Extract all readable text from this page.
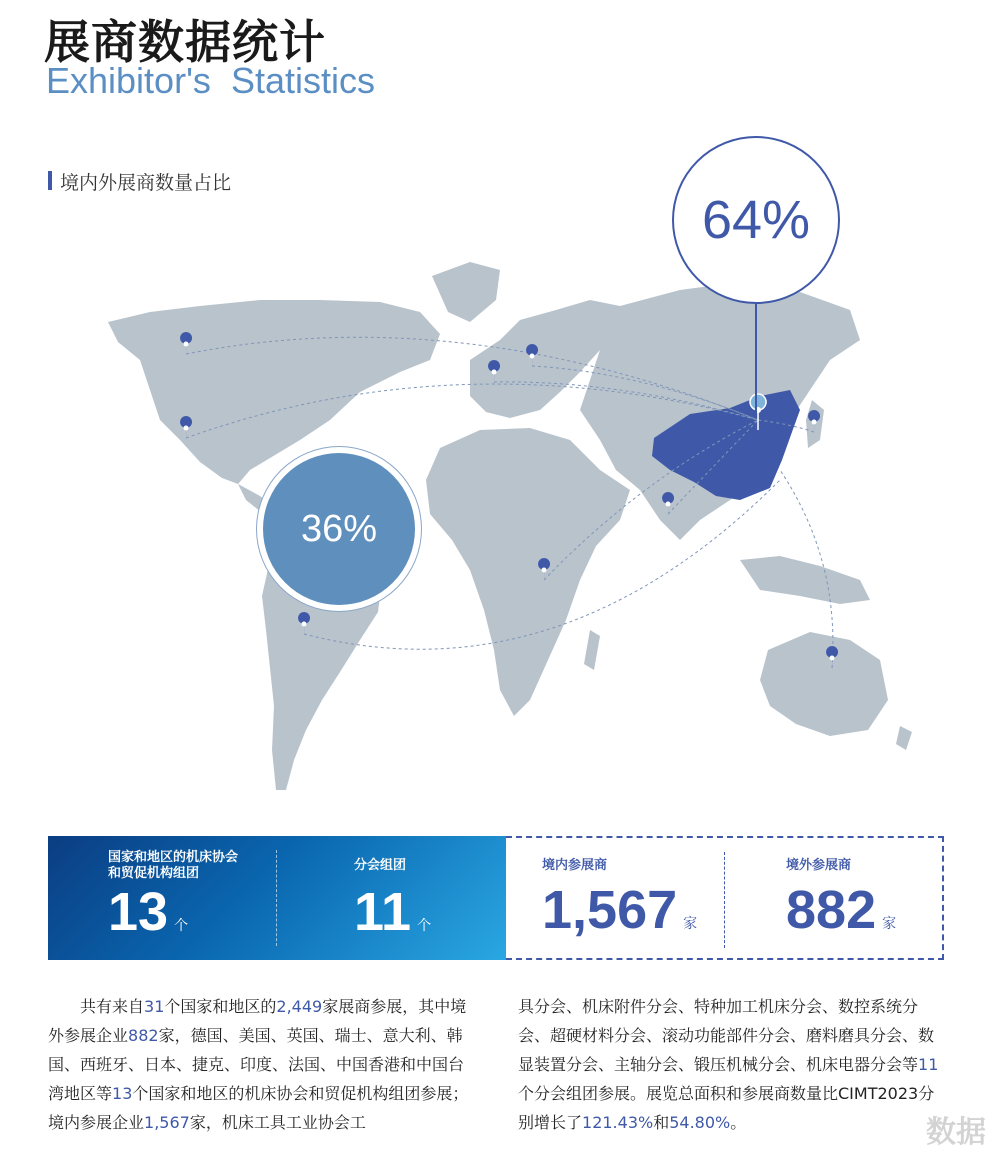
展商数据统计
Exhibitor's  Statistics
境内外展商数量占比
64%
36%
国家和地区的机床协会
和贸促机构组团
13 个
分会组团
11 个
境内参展商
1,567 家
境外参展商
882 家

共有来自31个国家和地区的2,449家展商参展，其中境外参展企业882家，德国、美国、英国、瑞士、意大利、韩国、西班牙、日本、捷克、印度、法国、中国香港和中国台湾地区等13个国家和地区的机床协会和贸促机构组团参展；境内参展企业1,567家，机床工具工业协会工

具分会、机床附件分会、特种加工机床分会、数控系统分会、超硬材料分会、滚动功能部件分会、磨料磨具分会、数显装置分会、主轴分会、锻压机械分会、机床电器分会等11个分会组团参展。展览总面积和参展商数量比CIMT2023分别增长了121.43%和54.80%。	数据
